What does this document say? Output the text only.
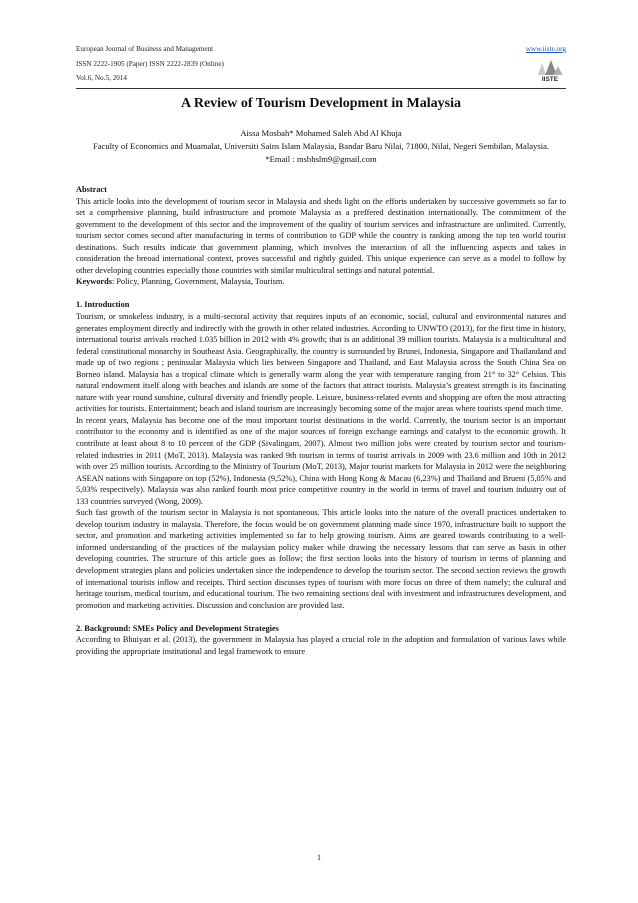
European Journal of Business and Management
ISSN 2222-1905 (Paper) ISSN 2222-2839 (Online)
Vol.6, No.5, 2014
www.iiste.org
IISTE
A Review of Tourism Development in Malaysia
Aissa Mosbah* Mohamed Saleh Abd Al Khuja
Faculty of Economics and Muamalat, Universiti Sains Islam Malaysia, Bandar Baru Nilai, 71800, Nilai, Negeri Sembilan, Malaysia.
*Email : msbhslm9@gmail.com

Abstract

This article looks into the development of tourism secor in Malaysia and sheds light on the efforts undertaken by successive governmets so far to set a comprhensive planning, build infrastructure and promote Malaysia as a preffered destination internationally. The commitment of the government to the development of this sector and the improvement of the quality of tourism services and infrastructure are unlimited. Currently, tourism sector comes second after manufacturing in terms of contribution to GDP while the country is ranking among the top ten world tourist destinations. Such results indicate that government planning, which involves the interaction of all the influencing aspects and takes in consideration the breoad international context, proves successful and rightly guided. This unique experience can serve as a model to follow by other developing countries especially those countries with similar multicultral settings and natural potential.

Keywords: Policy, Planning, Government, Malaysia, Tourism.

1. Introduction

Tourism, or smokeless industry, is a multi-sectoral activity that requires inputs of an economic, social, cultural and environmental natures and generates employment directly and indirectly with the growth in other related industries. According to UNWTO (2013), for the first time in history, international tourist arrivals reached 1.035 billion in 2012 with 4% growth; that is an additional 39 million tourists. Malaysia is a multicultural and federal constitutional monarchy in Southeast Asia. Geographically, the country is surrounded by Brunei, Indonesia, Singapore and Thailandand and made up of two regions ; peninsular Malaysia which lies between Singapore and Thailand, and East Malaysia across the South China Sea on Borneo island. Malaysia has a tropical climate which is generally warm along the year with temperature ranging from 21° to 32° Celsius. This natural endowment itself along with beaches and islands are some of the factors that attract tourists. Malaysia’s greatest strength is its fascinating nature with year round sunshine, cultural diversity and friendly people. Leisure, business-related events and shopping are often the most attracting activities for tourists. Entertainment; beach and island tourism are increasingly becoming some of the major areas where tourists spend much time.

In recent years, Malaysia has become one of the most important tourist destinations in the world. Currently, the tourism sector is an important contributor to the economy and is identified as one of the major sources of foreign exchange earnings and catalyst to the economic growth. It contribute at least about 8 to 10 percent of the GDP (Sivalingam, 2007). Almost two million jobs were created by tourism sector and tourism-related industries in 2011 (MoT, 2013). Malaysia was ranked 9th tourism in terms of tourist arrivals in 2009 with 23.6 million and 10th in 2012 with over 25 million tourists. According to the Ministry of Tourism (MoT, 2013), Major tourist markets for Malaysia in 2012 were the neighboring ASEAN nations with Singapore on top (52%), Indonesia (9,52%), China with Hong Kong & Macau (6,23%) and Thailand and Brueni (5,05% and 5,03% respectively). Malaysia was also ranked fourth most price competitive country in the world in terms of travel and tourism industry out of 133 countries surveyed (Wong, 2009).

Such fast growth of the tourism sector in Malaysia is not spontaneous. This article looks into the nature of the overall practices undertaken to develop tourism industry in malaysia. Therefore, the focus would be on government planning made since 1970, infrastructure built to support the sector, and promotion and marketing activities implemented so far to help growing tourism. Aims are geared towards contributing to a well-informed understanding of the practices of the malaysian policy maker while drawing the necessary lessons that can serve as basis in other developing countries. The structure of this article goes as follow; the first section looks into the history of tourism in terms of planning and development strategies plans and policies undertaken since the independence to develop the tourism sector. The second section reviews the growth of international tourists inflow and receipts. Third section discusses types of tourism with more focus on three of them namely; the cultural and heritage tourism, medical tourism, and educational tourism. The two remaining sections deal with investment and infrastructures development, and promotion and marketing activities. Discussion and conclusion are provided last.

2. Background: SMEs Policy and Development Strategies

According to Bhuiyan et al. (2013), the government in Malaysia has played a crucial role in the adoption and formulation of various laws while providing the appropriate institutional and legal framework to ensure

1
